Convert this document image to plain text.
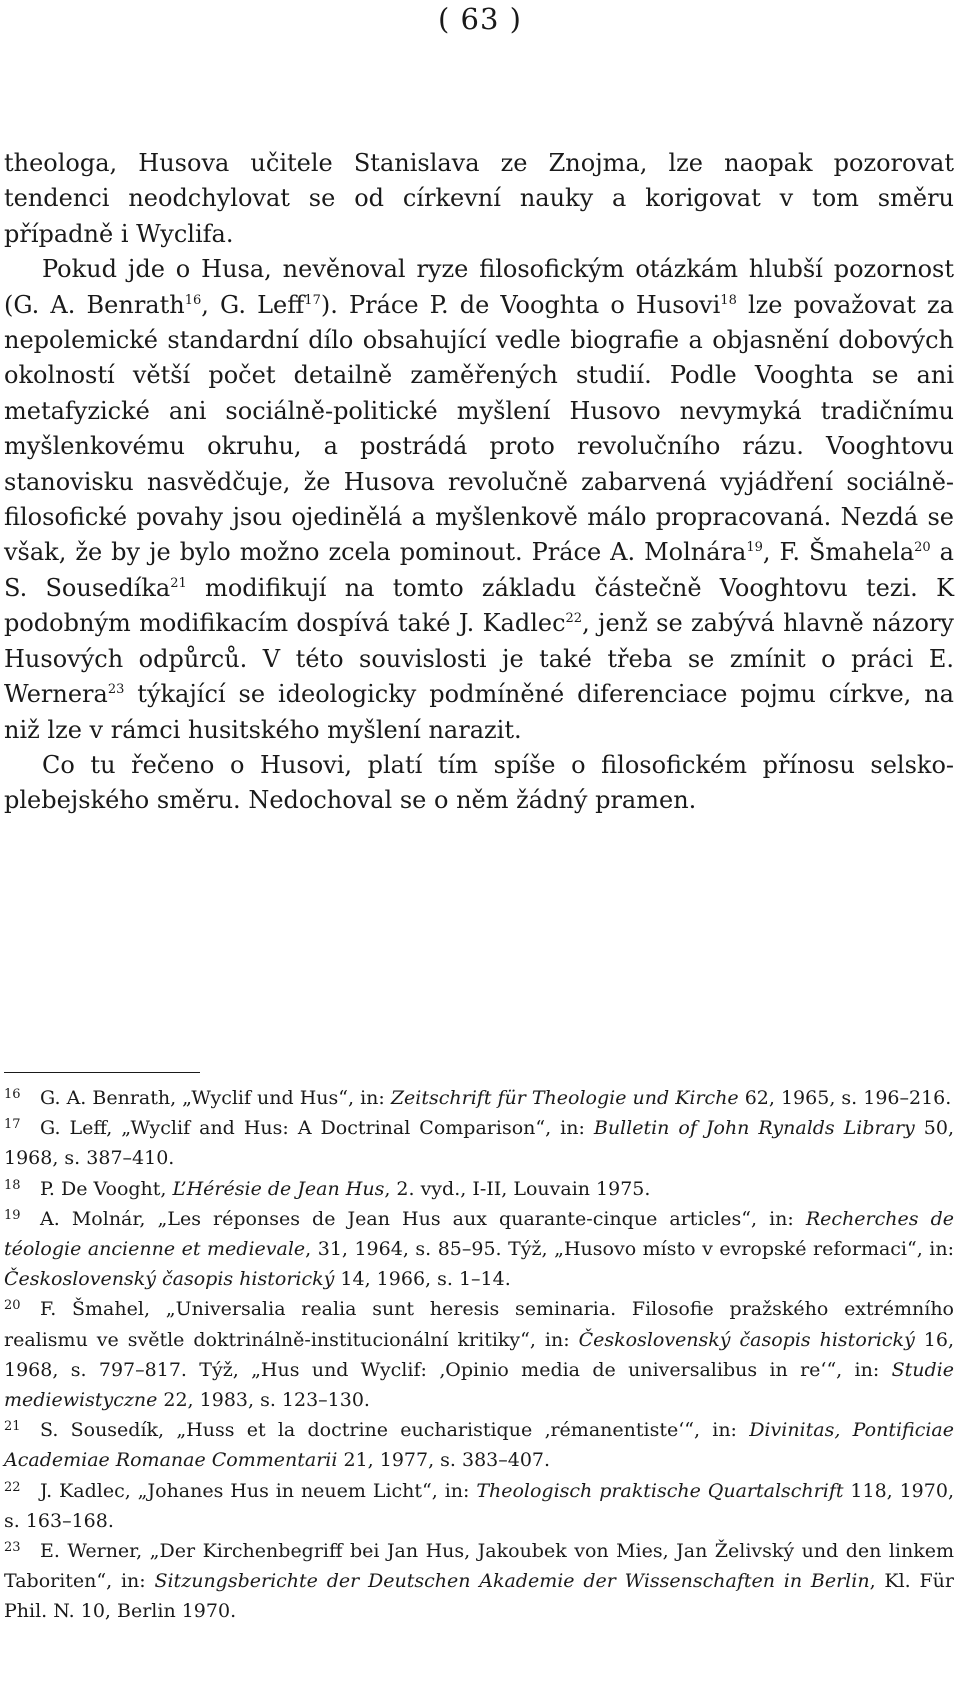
( 63 )

theologa, Husova učitele Stanislava ze Znojma, lze naopak pozorovat tendenci neodchylovat se od církevní nauky a korigovat v tom směru případně i Wyclifa.

Pokud jde o Husa, nevěnoval ryze filosofickým otázkám hlubší pozornost (G. A. Benrath$^{16}$, G. Leff$^{17}$). Práce P. de Vooghta o Husovi$^{18}$ lze považovat za nepolemické standardní dílo obsahující vedle biografie a objasnění dobových okolností větší počet detailně zaměřených studií. Podle Vooghta se ani metafyzické ani sociálně-politické myšlení Husovo nevymyká tradičnímu myšlenkovému okruhu, a postrádá proto revolučního rázu. Vooghtovu stanovisku nasvědčuje, že Husova revolučně zabarvená vyjádření sociálně-filosofické povahy jsou ojedinělá a myšlenkově málo propracovaná. Nezdá se však, že by je bylo možno zcela pominout. Práce A. Molnára$^{19}$, F. Šmahela$^{20}$ a S. Sousedíka$^{21}$ modifikují na tomto základu částečně Vooghtovu tezi. K podobným modifikacím dospívá také J. Kadlec$^{22}$, jenž se zabývá hlavně názory Husových odpůrců. V této souvislosti je také třeba se zmínit o práci E. Wernera$^{23}$ týkající se ideologicky podmíněné diferenciace pojmu církve, na niž lze v rámci husitského myšlení narazit.

Co tu řečeno o Husovi, platí tím spíše o filosofickém přínosu selsko-plebejského směru. Nedochoval se o něm žádný pramen.

16 G. A. Benrath, „Wyclif und Hus“, in: Zeitschrift für Theologie und Kirche 62, 1965, s. 196–216.

17 G. Leff, „Wyclif and Hus: A Doctrinal Comparison“, in: Bulletin of John Rynalds Library 50, 1968, s. 387–410.

18 P. De Vooght, L’Hérésie de Jean Hus, 2. vyd., I-II, Louvain 1975.

19 A. Molnár, „Les réponses de Jean Hus aux quarante-cinque articles“, in: Recherches de téologie ancienne et medievale, 31, 1964, s. 85–95. Týž, „Husovo místo v evropské reformaci“, in: Československý časopis historický 14, 1966, s. 1–14.

20 F. Šmahel, „Universalia realia sunt heresis seminaria. Filosofie pražského extrémního realismu ve světle doktrinálně-institucionální kritiky“, in: Československý časopis historický 16, 1968, s. 797–817. Týž, „Hus und Wyclif: ‚Opinio media de universalibus in re‘“, in: Studie mediewistyczne 22, 1983, s. 123–130.

21 S. Sousedík, „Huss et la doctrine eucharistique ‚rémanentiste‘“, in: Divinitas, Pontificiae Academiae Romanae Commentarii 21, 1977, s. 383–407.

22 J. Kadlec, „Johanes Hus in neuem Licht“, in: Theologisch praktische Quartalschrift 118, 1970, s. 163–168.

23 E. Werner, „Der Kirchenbegriff bei Jan Hus, Jakoubek von Mies, Jan Želivský und den linkem Taboriten“, in: Sitzungsberichte der Deutschen Akademie der Wissenschaften in Berlin, Kl. Für Phil. N. 10, Berlin 1970.
